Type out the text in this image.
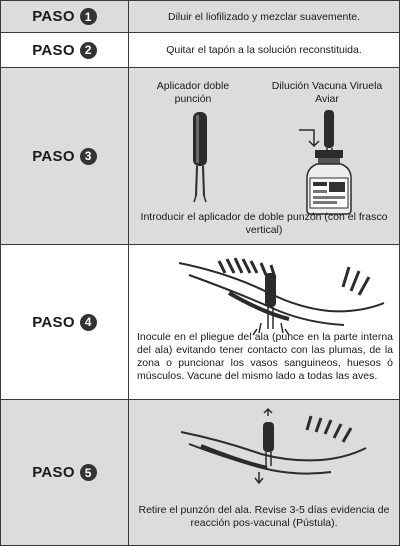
PASO 1	Diluir el liofilizado y mezclar suavemente.
PASO 2	Quitar el tapón a la solución reconstituida.
PASO 3
Aplicador doble punción
Dilución Vacuna Viruela Aviar
Introducir el aplicador de doble punzón (con el frasco vertical)
PASO 4
Inocule en el pliegue del ala (punce en la parte interna del ala) evitando tener contacto con las plumas, de la zona o puncionar los vasos sanguineos, huesos ó músculos. Vacune del mismo lado a todas las aves.
PASO 5
Retire el punzón del ala. Revise 3-5 días evidencia de reacción pos-vacunal (Pústula).
